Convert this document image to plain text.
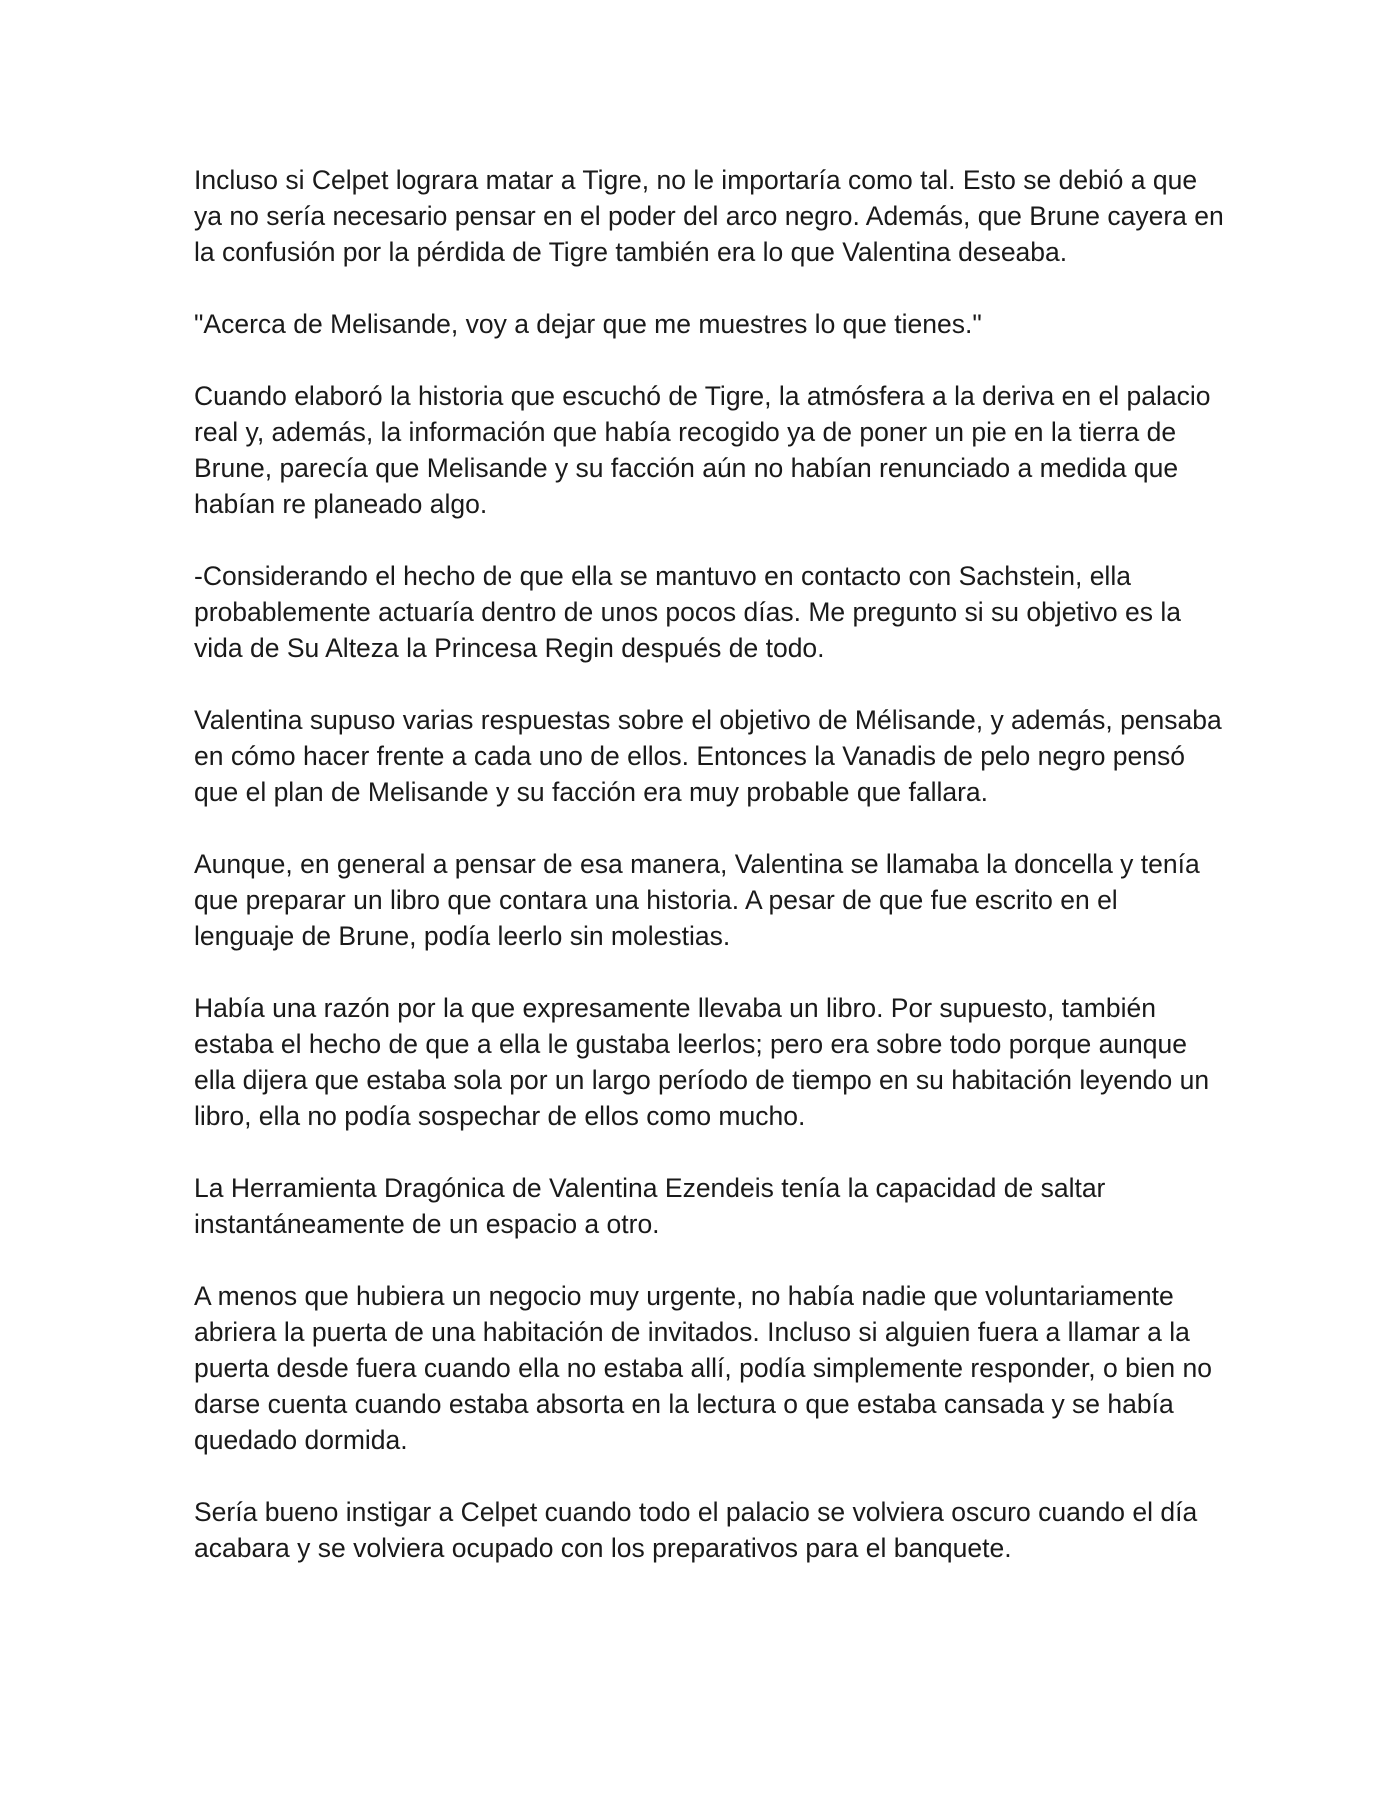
Incluso si Celpet lograra matar a Tigre, no le importaría como tal. Esto se debió a que ya no sería necesario pensar en el poder del arco negro. Además, que Brune cayera en la confusión por la pérdida de Tigre también era lo que Valentina deseaba.

"Acerca de Melisande, voy a dejar que me muestres lo que tienes."

Cuando elaboró la historia que escuchó de Tigre, la atmósfera a la deriva en el palacio real y, además, la información que había recogido ya de poner un pie en la tierra de Brune, parecía que Melisande y su facción aún no habían renunciado a medida que habían re planeado algo.

-Considerando el hecho de que ella se mantuvo en contacto con Sachstein, ella probablemente actuaría dentro de unos pocos días. Me pregunto si su objetivo es la vida de Su Alteza la Princesa Regin después de todo.

Valentina supuso varias respuestas sobre el objetivo de Mélisande, y además, pensaba en cómo hacer frente a cada uno de ellos. Entonces la Vanadis de pelo negro pensó que el plan de Melisande y su facción era muy probable que fallara.

Aunque, en general a pensar de esa manera, Valentina se llamaba la doncella y tenía que preparar un libro que contara una historia. A pesar de que fue escrito en el lenguaje de Brune, podía leerlo sin molestias.

Había una razón por la que expresamente llevaba un libro. Por supuesto, también estaba el hecho de que a ella le gustaba leerlos; pero era sobre todo porque aunque ella dijera que estaba sola por un largo período de tiempo en su habitación leyendo un libro, ella no podía sospechar de ellos como mucho.

La Herramienta Dragónica de Valentina Ezendeis tenía la capacidad de saltar instantáneamente de un espacio a otro.

A menos que hubiera un negocio muy urgente, no había nadie que voluntariamente abriera la puerta de una habitación de invitados. Incluso si alguien fuera a llamar a la puerta desde fuera cuando ella no estaba allí, podía simplemente responder, o bien no darse cuenta cuando estaba absorta en la lectura o que estaba cansada y se había quedado dormida.

Sería bueno instigar a Celpet cuando todo el palacio se volviera oscuro cuando el día acabara y se volviera ocupado con los preparativos para el banquete.
